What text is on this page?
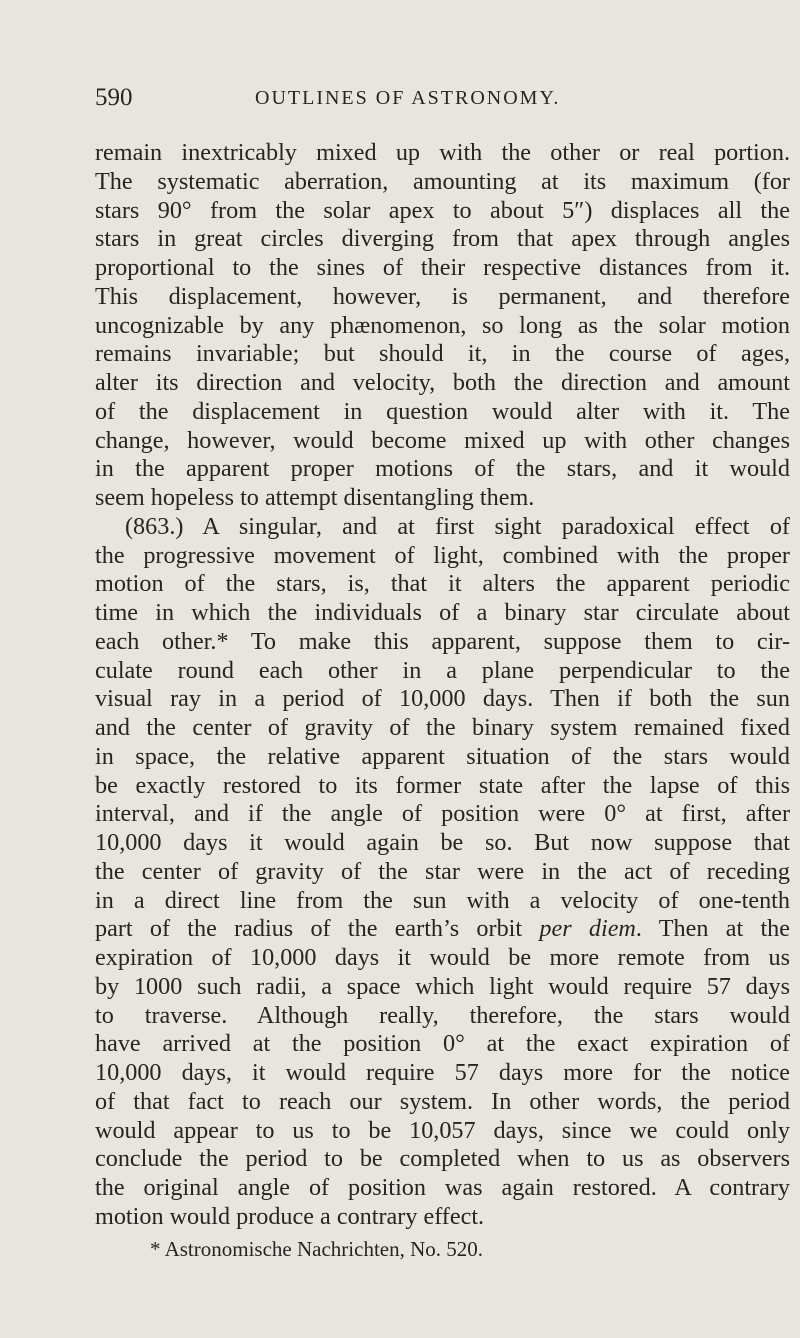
590	OUTLINES OF ASTRONOMY.
remain inextricably mixed up with the other or real portion.
The systematic aberration, amounting at its maximum (for
stars 90° from the solar apex to about 5″) displaces all the
stars in great circles diverging from that apex through angles
proportional to the sines of their respective distances from it.
This displacement, however, is permanent, and therefore
uncognizable by any phænomenon, so long as the solar motion
remains invariable; but should it, in the course of ages,
alter its direction and velocity, both the direction and amount
of the displacement in question would alter with it. The
change, however, would become mixed up with other changes
in the apparent proper motions of the stars, and it would
seem hopeless to attempt disentangling them.
(863.) A singular, and at first sight paradoxical effect of
the progressive movement of light, combined with the proper
motion of the stars, is, that it alters the apparent periodic
time in which the individuals of a binary star circulate about
each other.* To make this apparent, suppose them to cir-
culate round each other in a plane perpendicular to the
visual ray in a period of 10,000 days. Then if both the sun
and the center of gravity of the binary system remained fixed
in space, the relative apparent situation of the stars would
be exactly restored to its former state after the lapse of this
interval, and if the angle of position were 0° at first, after
10,000 days it would again be so. But now suppose that
the center of gravity of the star were in the act of receding
in a direct line from the sun with a velocity of one-tenth
part of the radius of the earth’s orbit per diem. Then at the
expiration of 10,000 days it would be more remote from us
by 1000 such radii, a space which light would require 57 days
to traverse. Although really, therefore, the stars would
have arrived at the position 0° at the exact expiration of
10,000 days, it would require 57 days more for the notice
of that fact to reach our system. In other words, the period
would appear to us to be 10,057 days, since we could only
conclude the period to be completed when to us as observers
the original angle of position was again restored. A contrary
motion would produce a contrary effect.
* Astronomische Nachrichten, No. 520.
